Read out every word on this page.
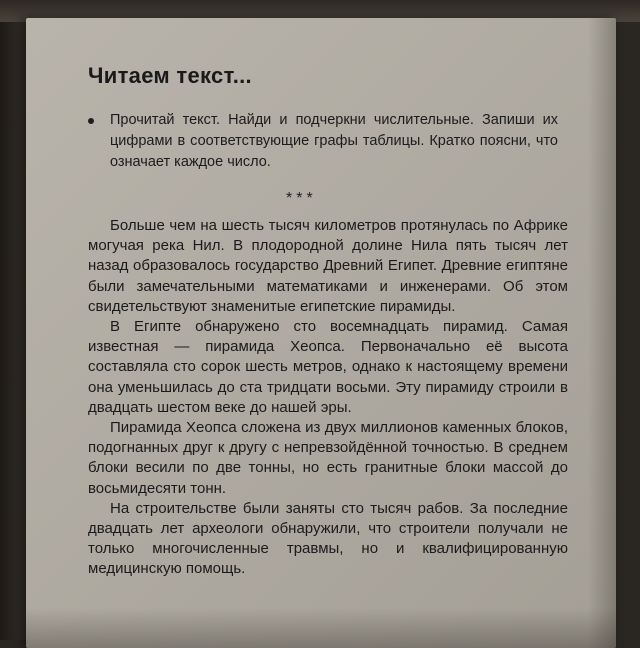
Читаем текст...
Прочитай текст. Найди и подчеркни числительные. Запиши их цифрами в соответствующие графы таблицы. Кратко поясни, что означает каждое число.
***

Больше чем на шесть тысяч километров протянулась по Африке могучая река Нил. В плодородной долине Нила пять тысяч лет назад образовалось государство Древний Египет. Древние египтяне были замечательными математиками и инженерами. Об этом свидетельствуют знаменитые египетские пирамиды.

В Египте обнаружено сто восемнадцать пирамид. Самая известная — пирамида Хеопса. Первоначально её высота составляла сто сорок шесть метров, однако к настоящему времени она уменьшилась до ста тридцати восьми. Эту пирамиду строили в двадцать шестом веке до нашей эры.

Пирамида Хеопса сложена из двух миллионов каменных блоков, подогнанных друг к другу с непревзойдённой точностью. В среднем блоки весили по две тонны, но есть гранитные блоки массой до восьмидесяти тонн.

На строительстве были заняты сто тысяч рабов. За последние двадцать лет археологи обнаружили, что строители получали не только многочисленные травмы, но и квалифицированную медицинскую помощь.
